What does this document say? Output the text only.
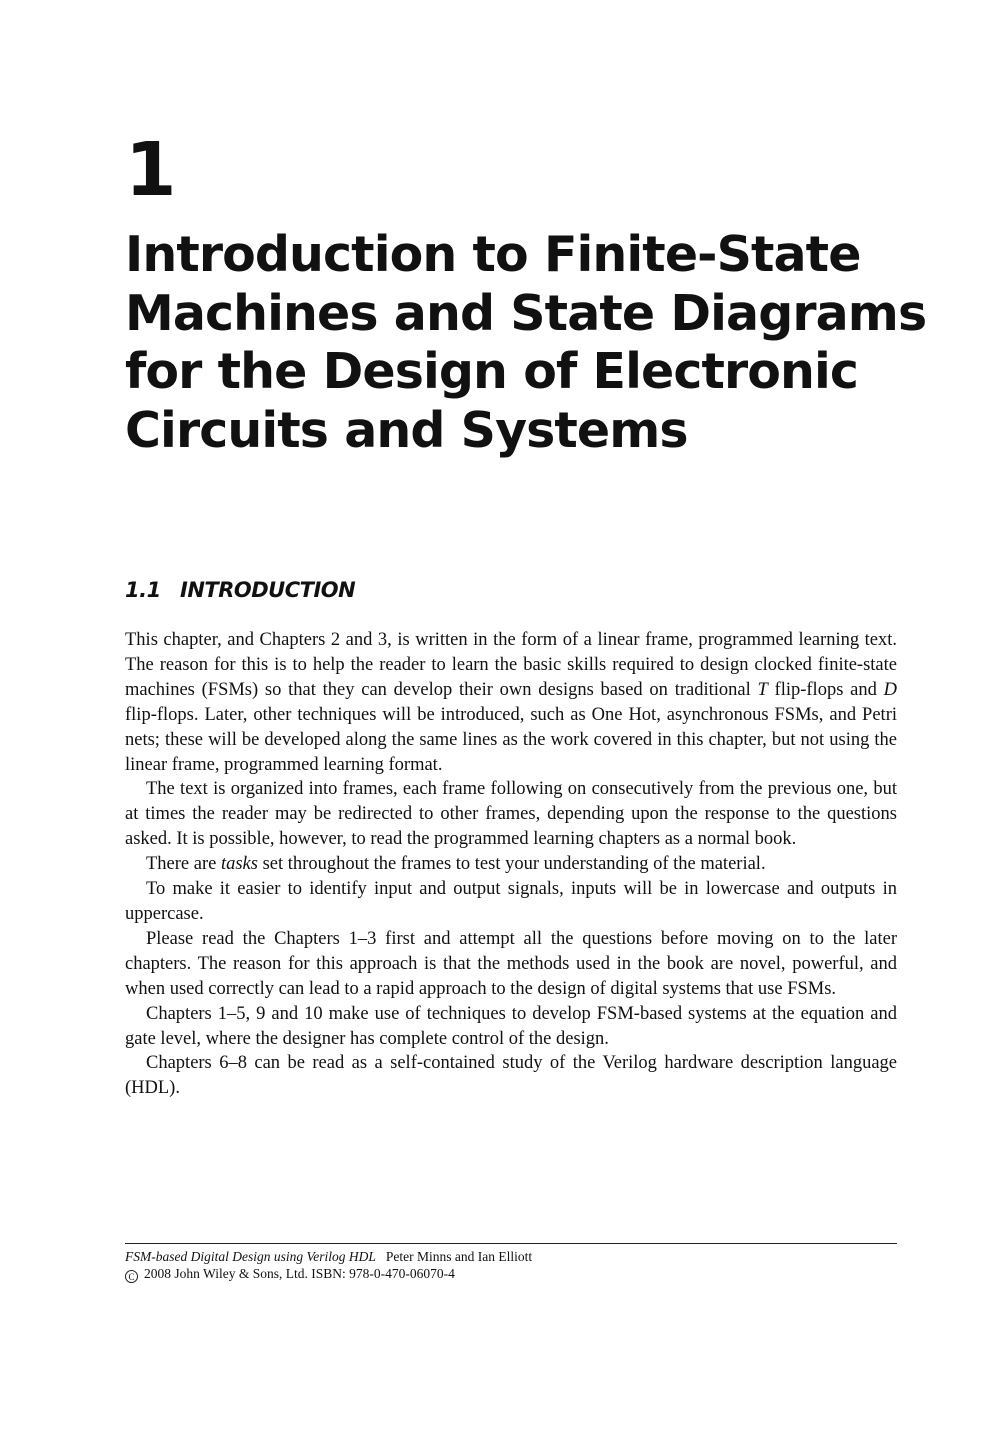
1
Introduction to Finite-State
Machines and State Diagrams
for the Design of Electronic
Circuits and Systems
1.1 INTRODUCTION

This chapter, and Chapters 2 and 3, is written in the form of a linear frame, programmed learning text. The reason for this is to help the reader to learn the basic skills required to design clocked finite-state machines (FSMs) so that they can develop their own designs based on traditional T flip-flops and D flip-flops. Later, other techniques will be introduced, such as One Hot, asynchronous FSMs, and Petri nets; these will be developed along the same lines as the work covered in this chapter, but not using the linear frame, programmed learning format.

The text is organized into frames, each frame following on consecutively from the previous one, but at times the reader may be redirected to other frames, depending upon the response to the questions asked. It is possible, however, to read the programmed learning chapters as a normal book.

There are tasks set throughout the frames to test your understanding of the material.

To make it easier to identify input and output signals, inputs will be in lowercase and outputs in uppercase.

Please read the Chapters 1–3 first and attempt all the questions before moving on to the later chapters. The reason for this approach is that the methods used in the book are novel, powerful, and when used correctly can lead to a rapid approach to the design of digital systems that use FSMs.

Chapters 1–5, 9 and 10 make use of techniques to develop FSM-based systems at the equation and gate level, where the designer has complete control of the design.

Chapters 6–8 can be read as a self-contained study of the Verilog hardware description language (HDL).

FSM-based Digital Design using Verilog HDL Peter Minns and Ian Elliott
C 2008 John Wiley & Sons, Ltd. ISBN: 978-0-470-06070-4
